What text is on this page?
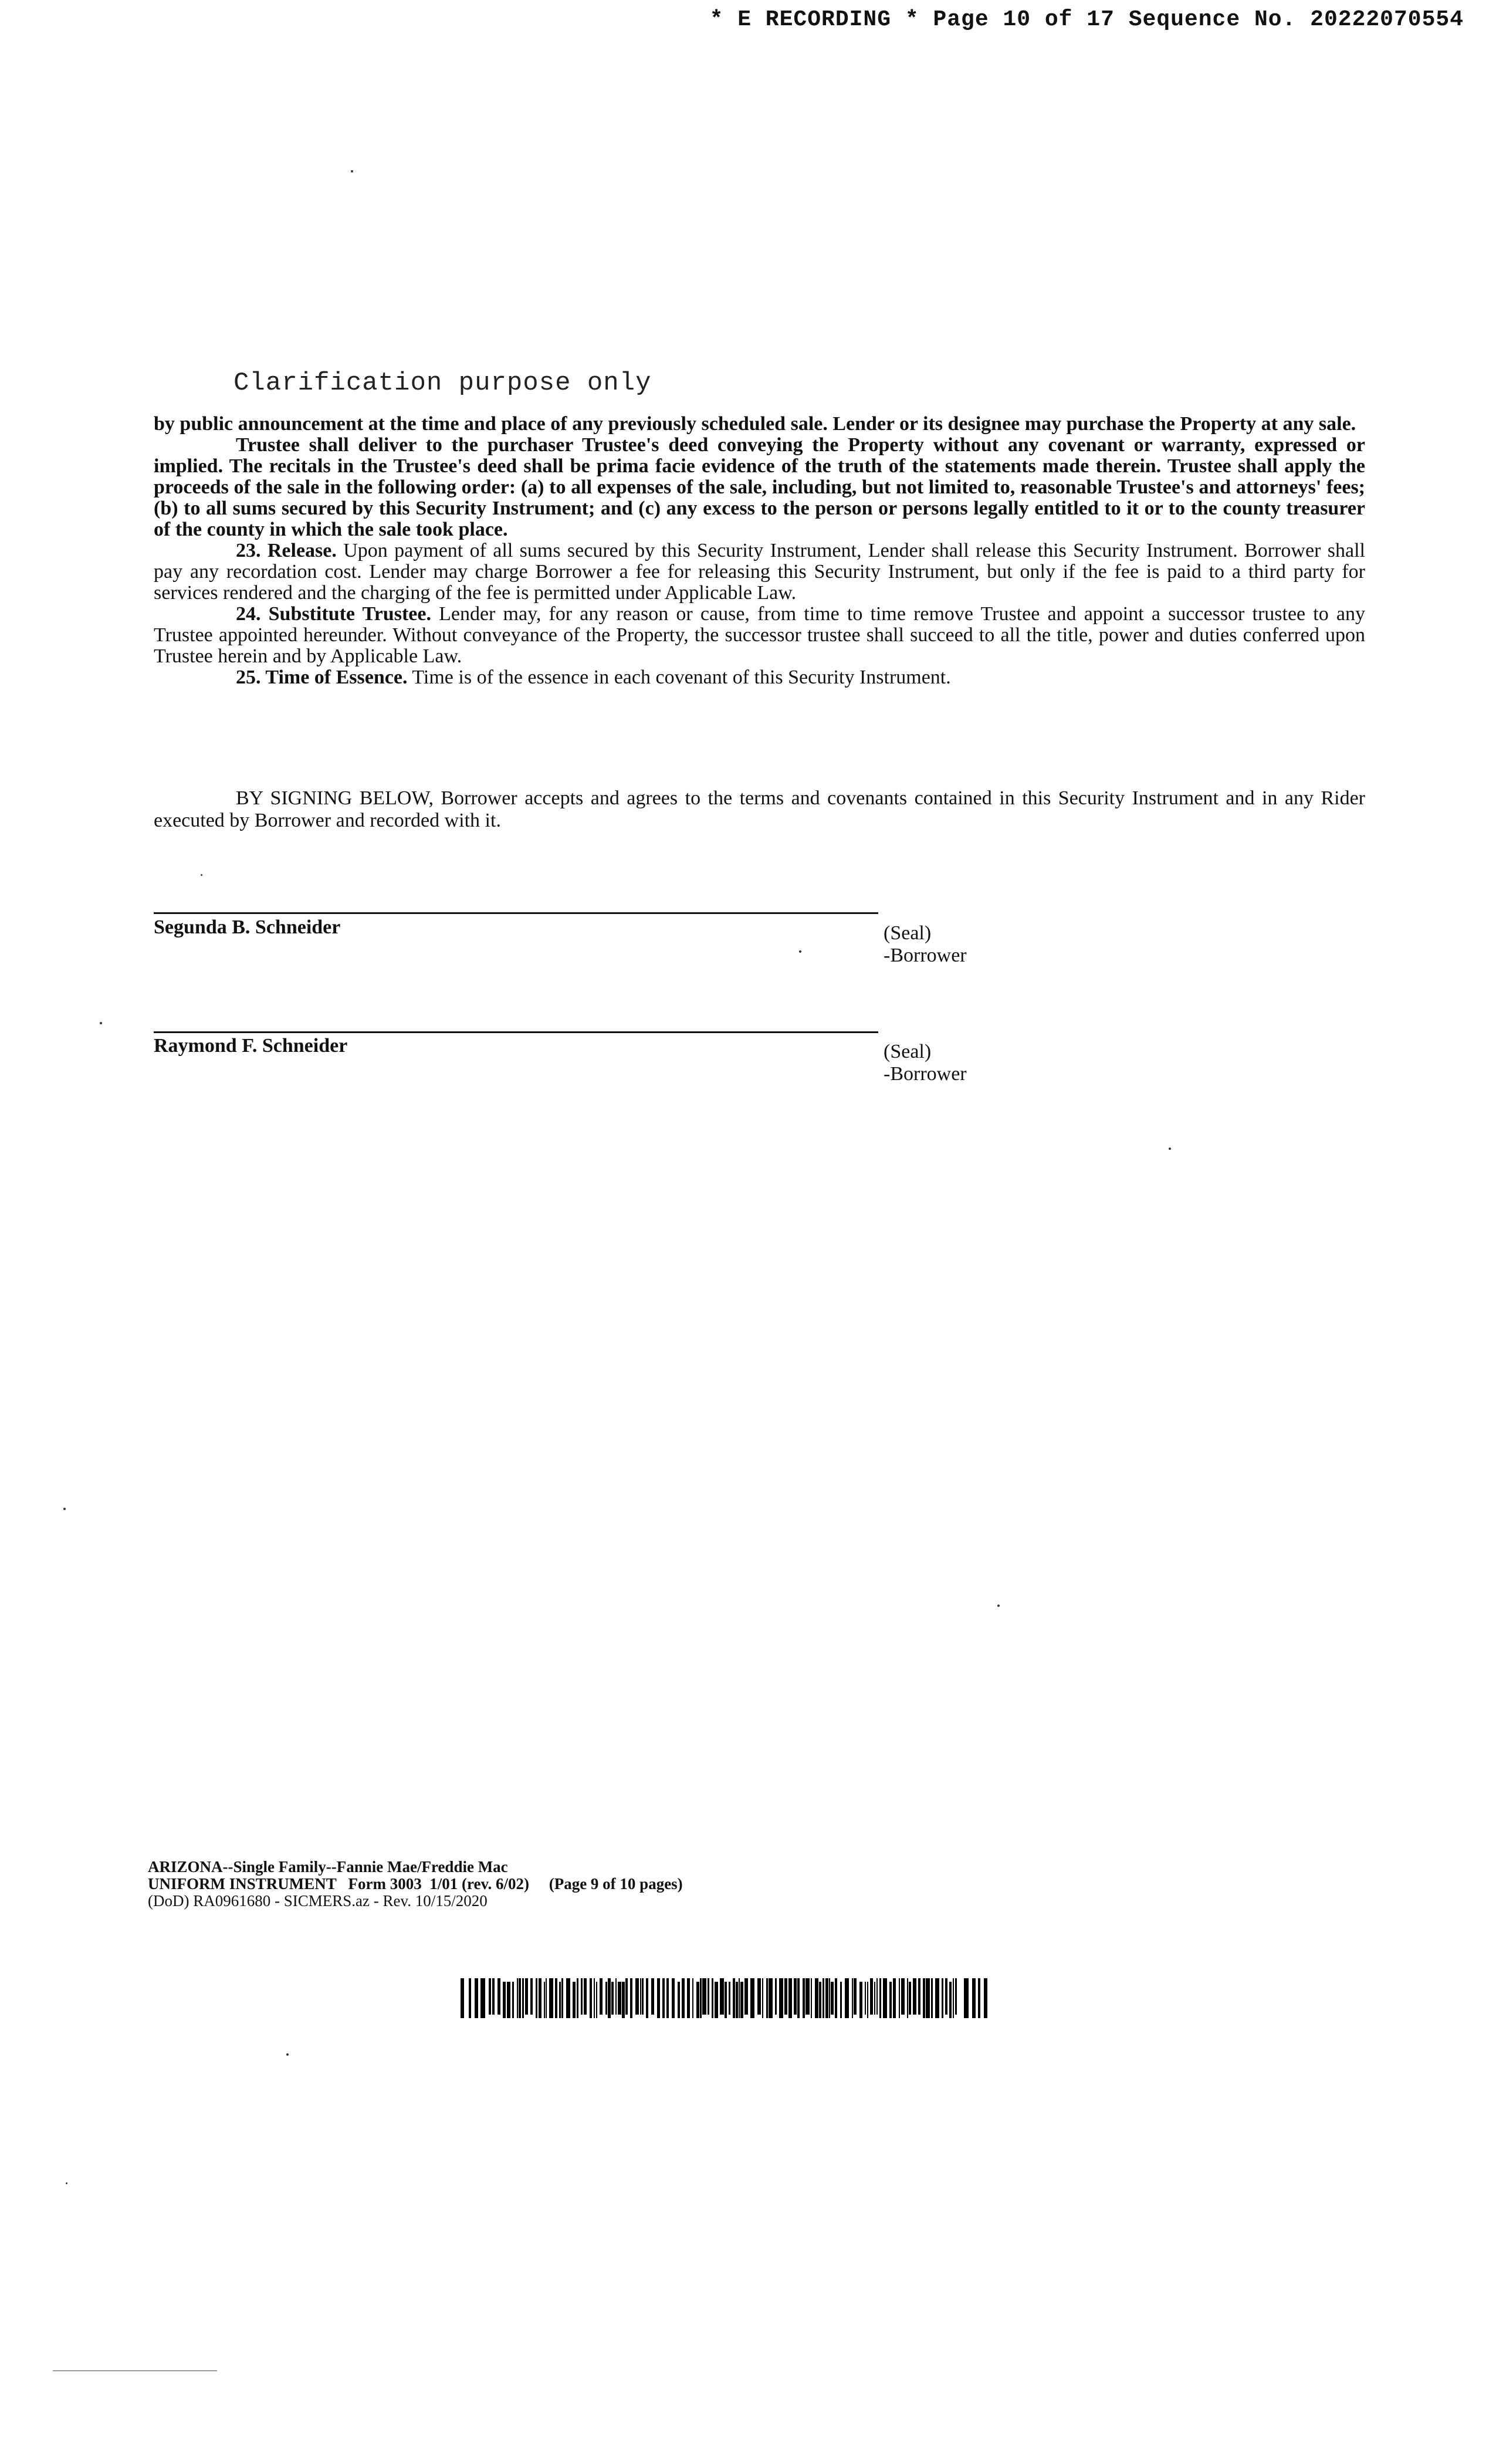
* E RECORDING * Page 10 of 17 Sequence No. 20222070554
Clarification purpose only

by public announcement at the time and place of any previously scheduled sale. Lender or its designee may purchase the Property at any sale.

Trustee shall deliver to the purchaser Trustee's deed conveying the Property without any covenant or warranty, expressed or implied. The recitals in the Trustee's deed shall be prima facie evidence of the truth of the statements made therein. Trustee shall apply the proceeds of the sale in the following order: (a) to all expenses of the sale, including, but not limited to, reasonable Trustee's and attorneys' fees; (b) to all sums secured by this Security Instrument; and (c) any excess to the person or persons legally entitled to it or to the county treasurer of the county in which the sale took place.

23. Release. Upon payment of all sums secured by this Security Instrument, Lender shall release this Security Instrument. Borrower shall pay any recordation cost. Lender may charge Borrower a fee for releasing this Security Instrument, but only if the fee is paid to a third party for services rendered and the charging of the fee is permitted under Applicable Law.

24. Substitute Trustee. Lender may, for any reason or cause, from time to time remove Trustee and appoint a successor trustee to any Trustee appointed hereunder. Without conveyance of the Property, the successor trustee shall succeed to all the title, power and duties conferred upon Trustee herein and by Applicable Law.

25. Time of Essence. Time is of the essence in each covenant of this Security Instrument.

BY SIGNING BELOW, Borrower accepts and agrees to the terms and covenants contained in this Security Instrument and in any Rider executed by Borrower and recorded with it.
Segunda B. Schneider	(Seal)
-Borrower
Raymond F. Schneider	(Seal)
-Borrower
ARIZONA--Single Family--Fannie Mae/Freddie Mac
UNIFORM INSTRUMENT   Form 3003  1/01 (rev. 6/02)     (Page 9 of 10 pages)
(DoD) RA0961680 - SICMERS.az - Rev. 10/15/2020
